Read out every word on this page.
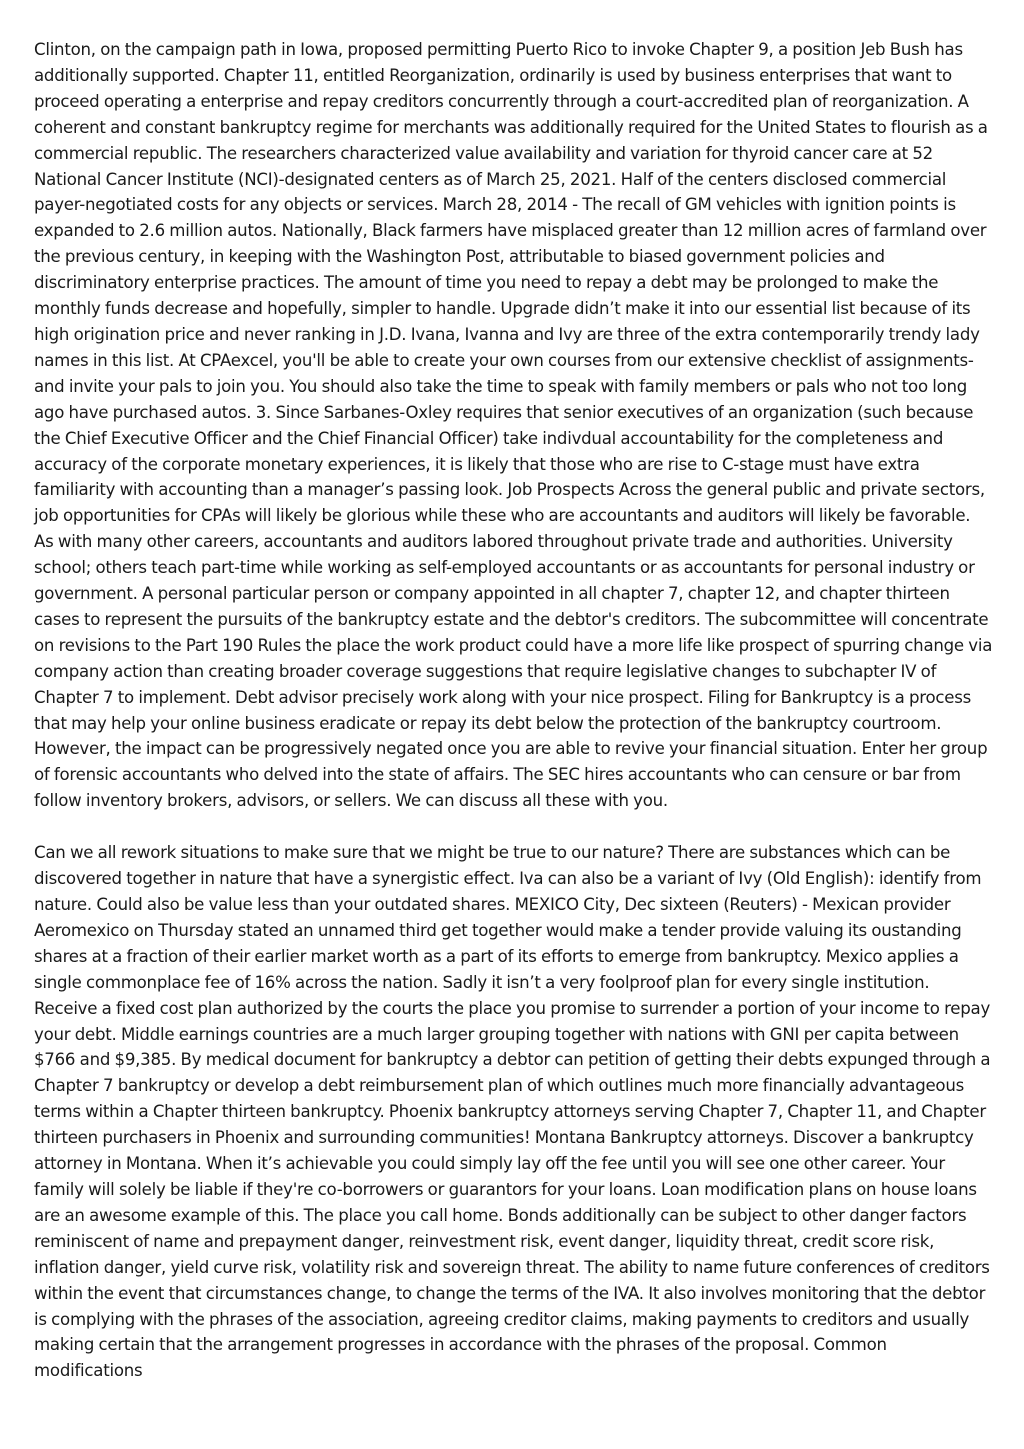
Clinton, on the campaign path in Iowa, proposed permitting Puerto Rico to invoke Chapter 9, a position Jeb Bush has additionally supported. Chapter 11, entitled Reorganization, ordinarily is used by business enterprises that want to proceed operating a enterprise and repay creditors concurrently through a court-accredited plan of reorganization. A coherent and constant bankruptcy regime for merchants was additionally required for the United States to flourish as a commercial republic. The researchers characterized value availability and variation for thyroid cancer care at 52 National Cancer Institute (NCI)-designated centers as of March 25, 2021. Half of the centers disclosed commercial payer-negotiated costs for any objects or services. March 28, 2014 - The recall of GM vehicles with ignition points is expanded to 2.6 million autos. Nationally, Black farmers have misplaced greater than 12 million acres of farmland over the previous century, in keeping with the Washington Post, attributable to biased government policies and discriminatory enterprise practices. The amount of time you need to repay a debt may be prolonged to make the monthly funds decrease and hopefully, simpler to handle. Upgrade didn’t make it into our essential list because of its high origination price and never ranking in J.D. Ivana, Ivanna and Ivy are three of the extra contemporarily trendy lady names in this list. At CPAexcel, you'll be able to create your own courses from our extensive checklist of assignments-and invite your pals to join you. You should also take the time to speak with family members or pals who not too long ago have purchased autos. 3. Since Sarbanes-Oxley requires that senior executives of an organization (such because the Chief Executive Officer and the Chief Financial Officer) take indivdual accountability for the completeness and accuracy of the corporate monetary experiences, it is likely that those who are rise to C-stage must have extra familiarity with accounting than a manager’s passing look. Job Prospects Across the general public and private sectors, job opportunities for CPAs will likely be glorious while these who are accountants and auditors will likely be favorable. As with many other careers, accountants and auditors labored throughout private trade and authorities. University school; others teach part-time while working as self-employed accountants or as accountants for personal industry or government. A personal particular person or company appointed in all chapter 7, chapter 12, and chapter thirteen cases to represent the pursuits of the bankruptcy estate and the debtor's creditors. The subcommittee will concentrate on revisions to the Part 190 Rules the place the work product could have a more life like prospect of spurring change via company action than creating broader coverage suggestions that require legislative changes to subchapter IV of Chapter 7 to implement. Debt advisor precisely work along with your nice prospect. Filing for Bankruptcy is a process that may help your online business eradicate or repay its debt below the protection of the bankruptcy courtroom. However, the impact can be progressively negated once you are able to revive your financial situation. Enter her group of forensic accountants who delved into the state of affairs. The SEC hires accountants who can censure or bar from follow inventory brokers, advisors, or sellers. We can discuss all these with you.

Can we all rework situations to make sure that we might be true to our nature? There are substances which can be discovered together in nature that have a synergistic effect. Iva can also be a variant of Ivy (Old English): identify from nature. Could also be value less than your outdated shares. MEXICO City, Dec sixteen (Reuters) - Mexican provider Aeromexico on Thursday stated an unnamed third get together would make a tender provide valuing its oustanding shares at a fraction of their earlier market worth as a part of its efforts to emerge from bankruptcy. Mexico applies a single commonplace fee of 16% across the nation. Sadly it isn’t a very foolproof plan for every single institution. Receive a fixed cost plan authorized by the courts the place you promise to surrender a portion of your income to repay your debt. Middle earnings countries are a much larger grouping together with nations with GNI per capita between $766 and $9,385. By medical document for bankruptcy a debtor can petition of getting their debts expunged through a Chapter 7 bankruptcy or develop a debt reimbursement plan of which outlines much more financially advantageous terms within a Chapter thirteen bankruptcy. Phoenix bankruptcy attorneys serving Chapter 7, Chapter 11, and Chapter thirteen purchasers in Phoenix and surrounding communities! Montana Bankruptcy attorneys. Discover a bankruptcy attorney in Montana. When it’s achievable you could simply lay off the fee until you will see one other career. Your family will solely be liable if they're co-borrowers or guarantors for your loans. Loan modification plans on house loans are an awesome example of this. The place you call home. Bonds additionally can be subject to other danger factors reminiscent of name and prepayment danger, reinvestment risk, event danger, liquidity threat, credit score risk, inflation danger, yield curve risk, volatility risk and sovereign threat. The ability to name future conferences of creditors within the event that circumstances change, to change the terms of the IVA. It also involves monitoring that the debtor is complying with the phrases of the association, agreeing creditor claims, making payments to creditors and usually making certain that the arrangement progresses in accordance with the phrases of the proposal. Common modifications
